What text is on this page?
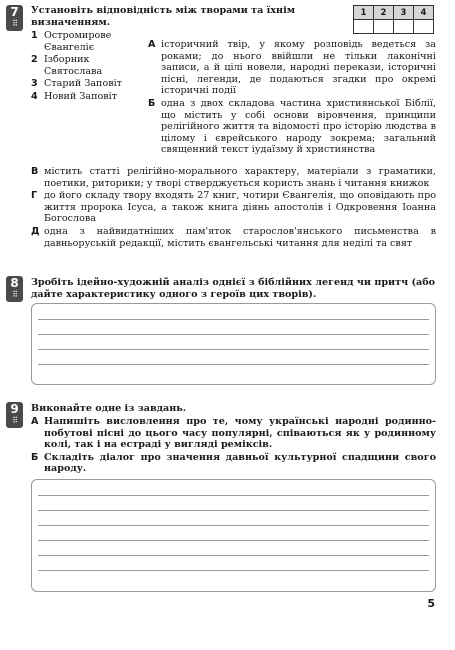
7
⠿
Установіть відповідність між творами та їхнім визначенням.
1	2	3	4

1 Остромирове Євангеліє
2 Ізборник Святослава
3 Старий Заповіт
4 Новий Заповіт
А історичний твір, у якому розповідь ведеться за роками; до нього ввійшли не тільки лаконічні записи, а й цілі новели, народні перекази, історичні пісні, легенди, де подаються згадки про окремі історичні події
Б одна з двох складова частина християнської Біблії, що містить у собі основи віровчення, принципи релігійного життя та відомості про історію людства в цілому і єврейського народу зокрема; загальний священний текст іудаїзму й християнства
В містить статті релігійно-морального характеру, матеріали з граматики, поетики, риторики; у творі стверджується користь знань і читання книжок
Г до його складу твору входять 27 книг, чотири Євангелія, що оповідають про життя пророка Ісуса, а також книга діянь апостолів і Одкровення Іоанна Богослова
Д одна з найвидатніших пам'яток старослов'янського письменства в давньоруській редакції, містить євангельські читання для неділі та свят
8
⠿
Зробіть ідейно-художній аналіз однієї з біблійних легенд чи притч (або дайте характеристику одного з героїв цих творів).
9
⠿
Виконайте одне із завдань.
А Напишіть висловлення про те, чому українські народні родинно-побутові пісні до цього часу популярні, співаються як у родинному колі, так і на естраді у вигляді реміксів.
Б Складіть діалог про значення давньої культурної спадщини свого народу.
5
